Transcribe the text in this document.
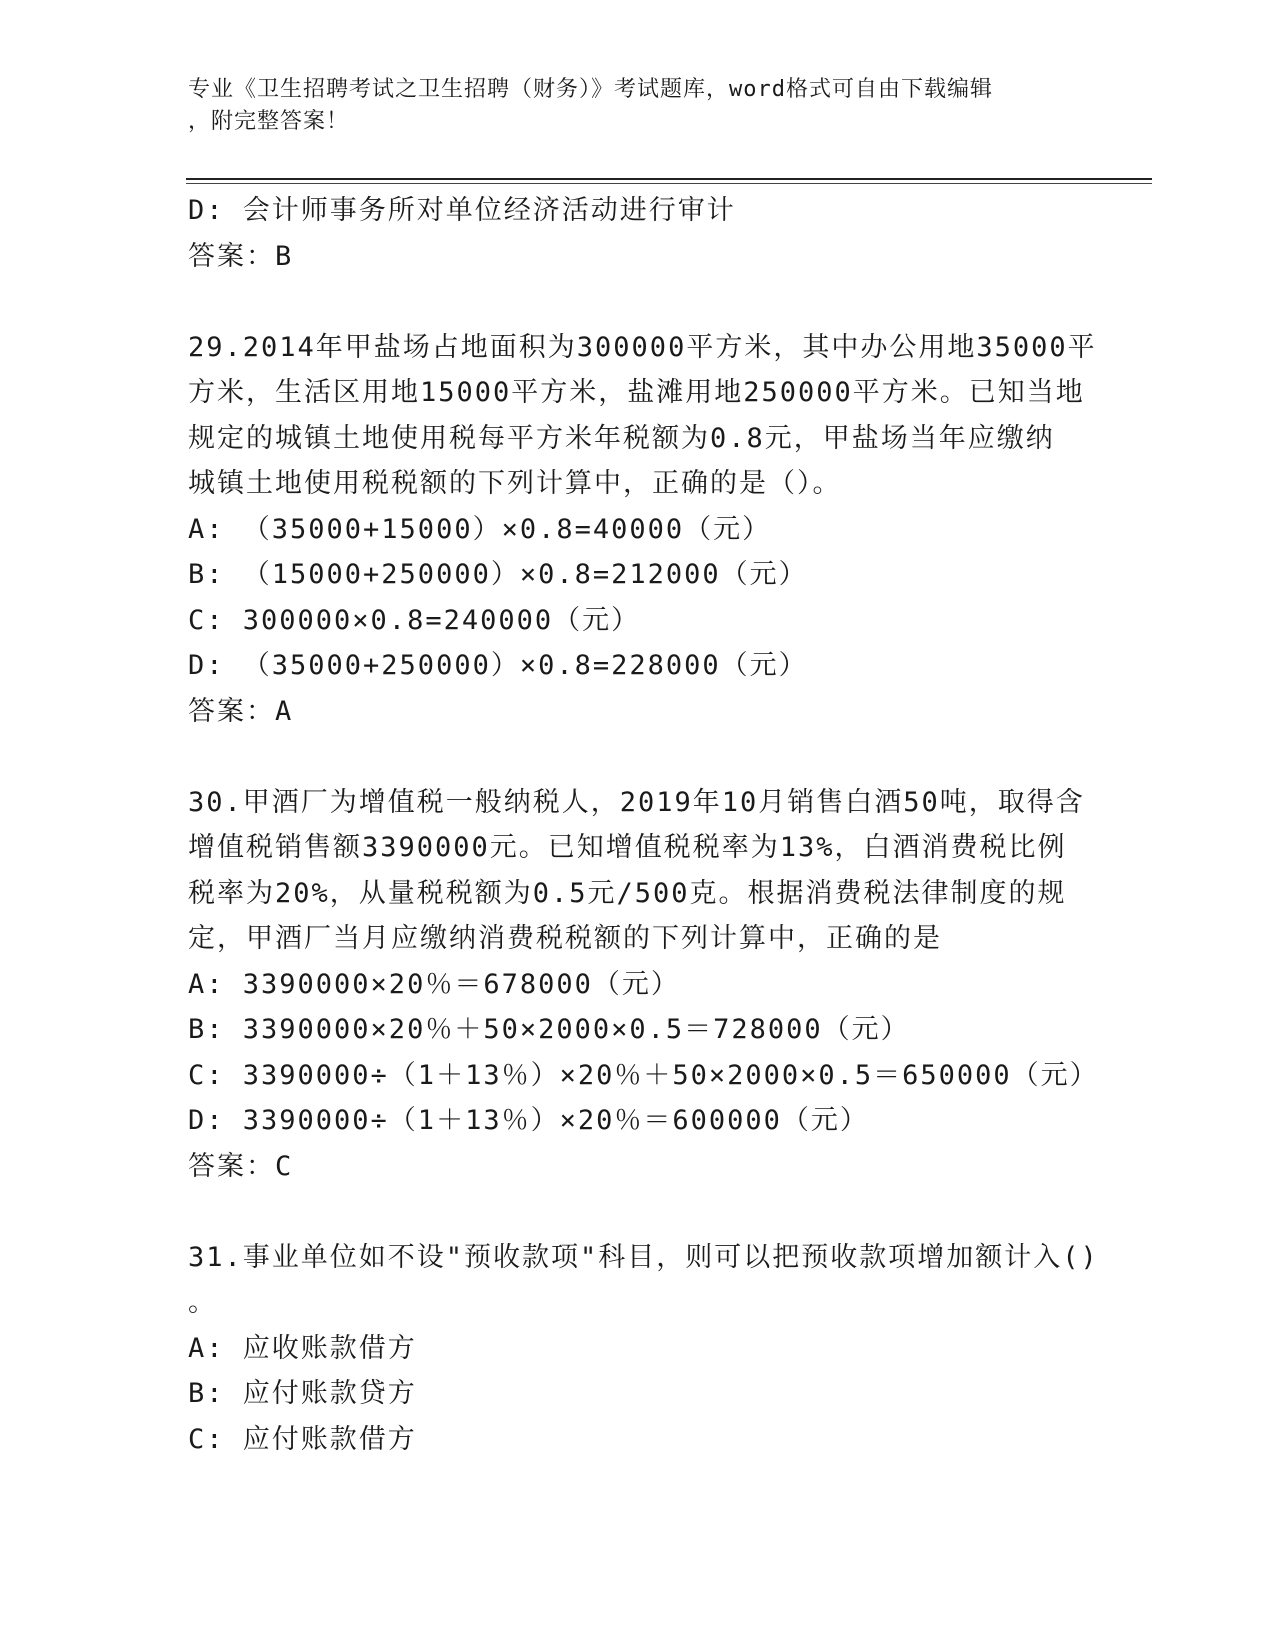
专业《卫生招聘考试之卫生招聘（财务）》考试题库，word格式可自由下载编辑
，附完整答案！
D: 会计师事务所对单位经济活动进行审计
答案：B
29.2014年甲盐场占地面积为300000平方米，其中办公用地35000平
方米，生活区用地15000平方米，盐滩用地250000平方米。已知当地
规定的城镇土地使用税每平方米年税额为0.8元，甲盐场当年应缴纳
城镇土地使用税税额的下列计算中，正确的是（）。
A: （35000+15000）×0.8=40000（元）
B: （15000+250000）×0.8=212000（元）
C: 300000×0.8=240000（元）
D: （35000+250000）×0.8=228000（元）
答案：A
30.甲酒厂为增值税一般纳税人，2019年10月销售白酒50吨，取得含
增值税销售额3390000元。已知增值税税率为13%，白酒消费税比例
税率为20%，从量税税额为0.5元/500克。根据消费税法律制度的规
定，甲酒厂当月应缴纳消费税税额的下列计算中，正确的是
A: 3390000×20％＝678000（元）
B: 3390000×20％＋50×2000×0.5＝728000（元）
C: 3390000÷（1＋13％）×20％＋50×2000×0.5＝650000（元）
D: 3390000÷（1＋13％）×20％＝600000（元）
答案：C
31.事业单位如不设"预收款项"科目，则可以把预收款项增加额计入()
。
A: 应收账款借方
B: 应付账款贷方
C: 应付账款借方
